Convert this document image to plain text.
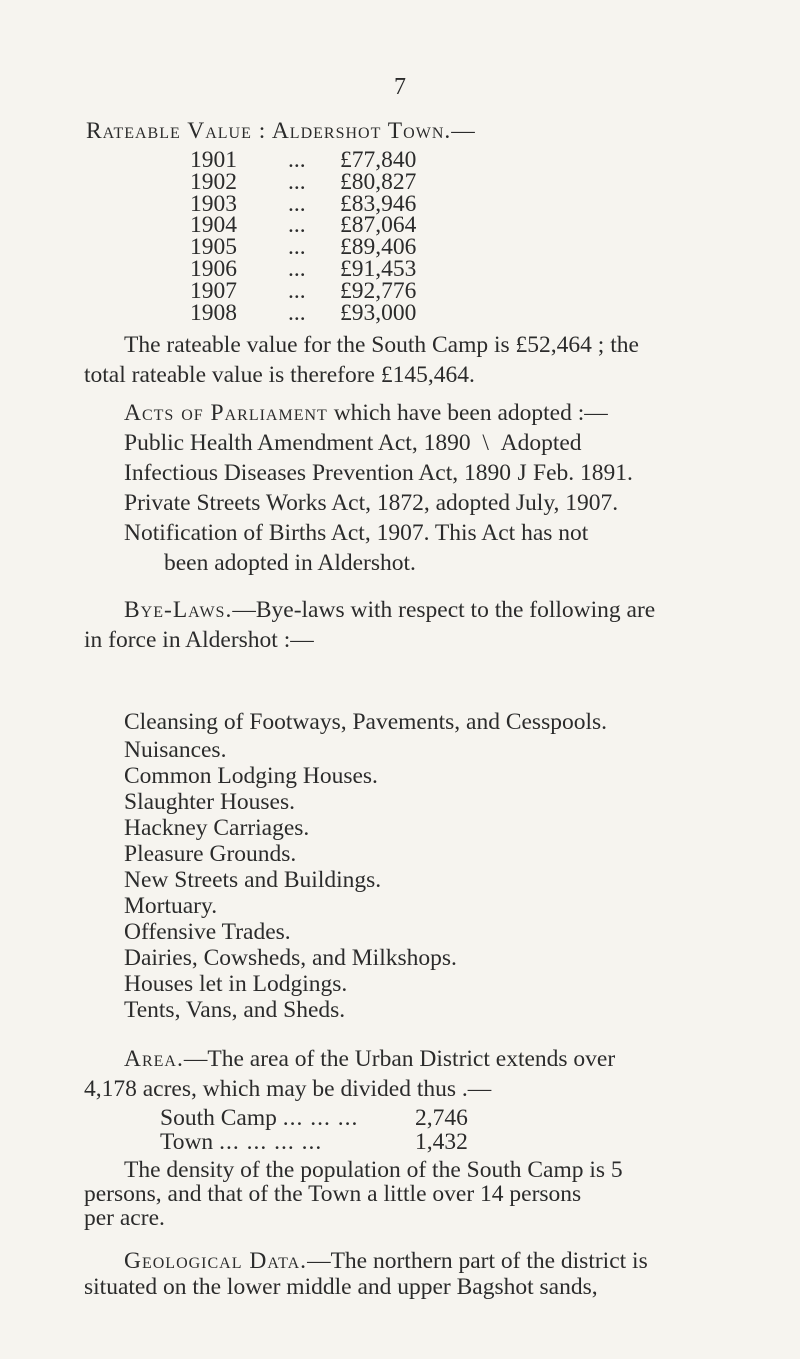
7
Rateable Value : Aldershot Town.—
1901	...	£77,840
1902	...	£80,827
1903	...	£83,946
1904	...	£87,064
1905	...	£89,406
1906	...	£91,453
1907	...	£92,776
1908	...	£93,000
The rateable value for the South Camp is £52,464 ; the
total rateable value is therefore £145,464.
Acts of Parliament which have been adopted :—
Public Health Amendment Act, 1890 \ Adopted
Infectious Diseases Prevention Act, 1890 J Feb. 1891.
Private Streets Works Act, 1872, adopted July, 1907.
Notification of Births Act, 1907. This Act has not
been adopted in Aldershot.
Bye-Laws.—Bye-laws with respect to the following are
in force in Aldershot :—
Cleansing of Footways, Pavements, and Cesspools.
Nuisances.
Common Lodging Houses.
Slaughter Houses.
Hackney Carriages.
Pleasure Grounds.
New Streets and Buildings.
Mortuary.
Offensive Trades.
Dairies, Cowsheds, and Milkshops.
Houses let in Lodgings.
Tents, Vans, and Sheds.
Area.—The area of the Urban District extends over
4,178 acres, which may be divided thus .—
South Camp ... ... ...	2,746
Town ... ... ... ...	1,432
The density of the population of the South Camp is 5
persons, and that of the Town a little over 14 persons
per acre.
Geological Data.—The northern part of the district is
situated on the lower middle and upper Bagshot sands,
